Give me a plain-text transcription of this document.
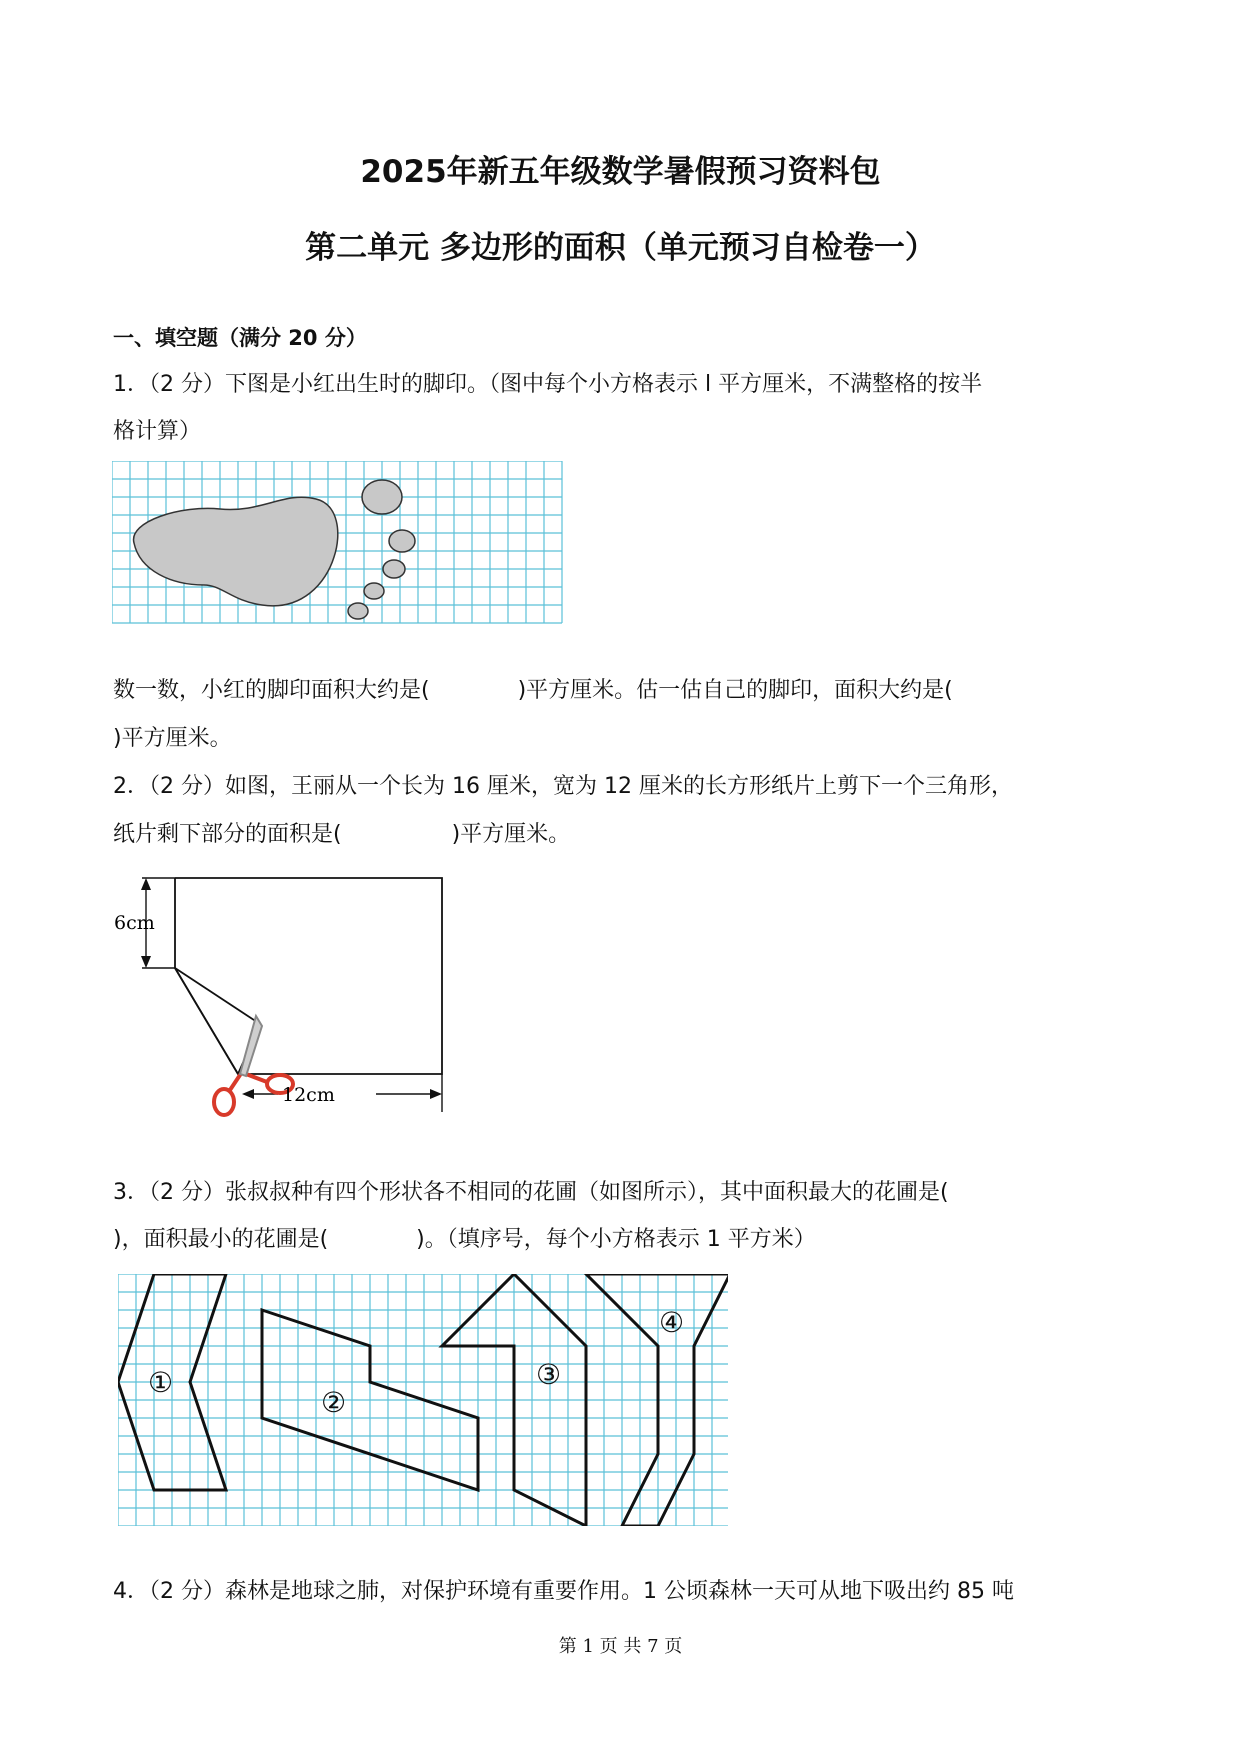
2025年新五年级数学暑假预习资料包
第二单元 多边形的面积（单元预习自检卷一）
一、填空题（满分 20 分）
1．（2 分）下图是小红出生时的脚印。（图中每个小方格表示 l 平方厘米，不满整格的按半
格计算）
数一数，小红的脚印面积大约是(　　　　)平方厘米。估一估自己的脚印，面积大约是(
)平方厘米。
2．（2 分）如图，王丽从一个长为 16 厘米，宽为 12 厘米的长方形纸片上剪下一个三角形，
纸片剩下部分的面积是(　　　　　)平方厘米。
6cm
12cm
3．（2 分）张叔叔种有四个形状各不相同的花圃（如图所示），其中面积最大的花圃是(
)，面积最小的花圃是(　　　　)。（填序号，每个小方格表示 1 平方米）
①
②
③
④
4．（2 分）森林是地球之肺，对保护环境有重要作用。1 公顷森林一天可从地下吸出约 85 吨
第 1 页 共 7 页
